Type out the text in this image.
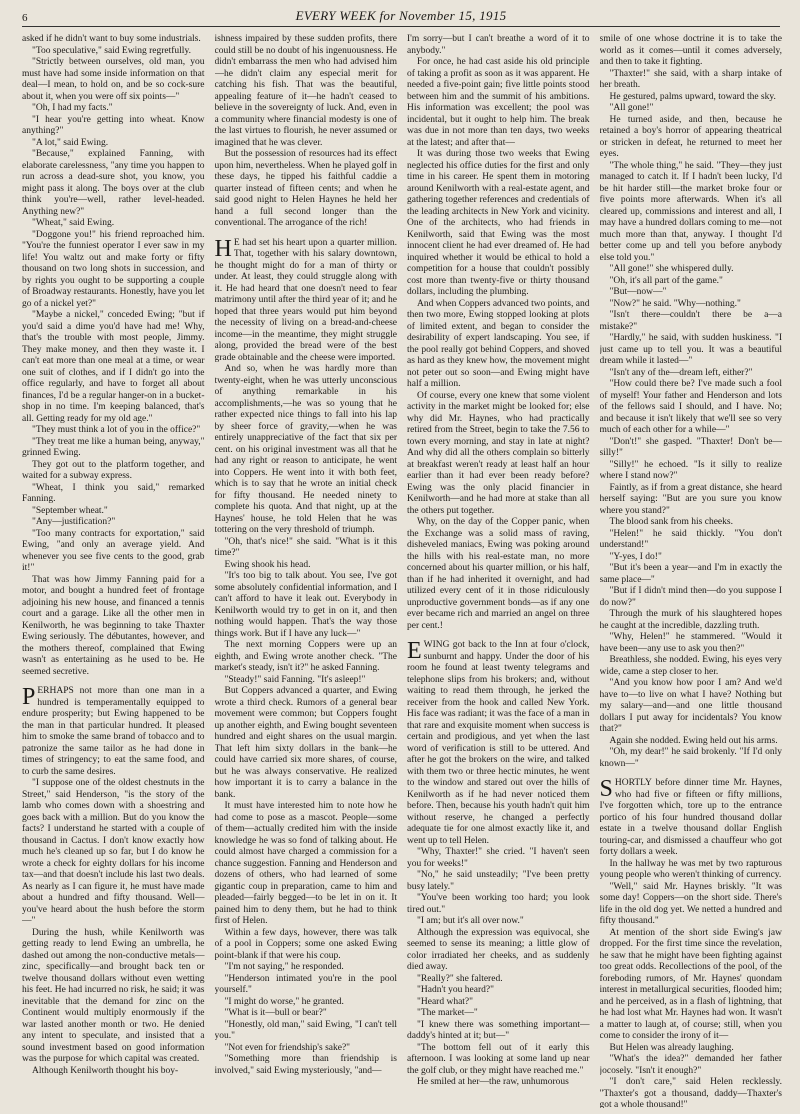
6	EVERY WEEK for November 15, 1915

asked if he didn't want to buy some industrials.

"Too speculative," said Ewing regretfully.

"Strictly between ourselves, old man, you must have had some inside information on that deal—I mean, to hold on, and be so cock-sure about it, when you were off six points—"

"Oh, I had my facts."

"I hear you're getting into wheat. Know anything?"

"A lot," said Ewing.

"Because," explained Fanning, with elaborate carelessness, "any time you happen to run across a dead-sure shot, you know, you might pass it along. The boys over at the club think you're—well, rather level-headed. Anything new?"

"Wheat," said Ewing.

"Doggone you!" his friend reproached him. "You're the funniest operator I ever saw in my life! You waltz out and make forty or fifty thousand on two long shots in succession, and by rights you ought to be supporting a couple of Broadway restaurants. Honestly, have you let go of a nickel yet?"

"Maybe a nickel," conceded Ewing; "but if you'd said a dime you'd have had me! Why, that's the trouble with most people, Jimmy. They make money, and then they waste it. I can't eat more than one meal at a time, or wear one suit of clothes, and if I didn't go into the office regularly, and have to forget all about finances, I'd be a regular hanger-on in a bucket-shop in no time. I'm keeping balanced, that's all. Getting ready for my old age."

"They must think a lot of you in the office?"

"They treat me like a human being, anyway," grinned Ewing.

They got out to the platform together, and waited for a subway express.

"Wheat, I think you said," remarked Fanning.

"September wheat."

"Any—justification?"

"Too many contracts for exportation," said Ewing, "and only an average yield. And whenever you see five cents to the good, grab it!"

That was how Jimmy Fanning paid for a motor, and bought a hundred feet of frontage adjoining his new house, and financed a tennis court and a garage. Like all the other men in Kenilworth, he was beginning to take Thaxter Ewing seriously. The débutantes, however, and the mothers thereof, complained that Ewing wasn't as entertaining as he used to be. He seemed secretive.

PERHAPS not more than one man in a hundred is temperamentally equipped to endure prosperity; but Ewing happened to be the man in that particular hundred. It pleased him to smoke the same brand of tobacco and to patronize the same tailor as he had done in times of stringency; to eat the same food, and to curb the same desires.

"I suppose one of the oldest chestnuts in the Street," said Henderson, "is the story of the lamb who comes down with a shoestring and goes back with a million. But do you know the facts? I understand he started with a couple of thousand in Cactus. I don't know exactly how much he's cleaned up so far, but I do know he wrote a check for eighty dollars for his income tax—and that doesn't include his last two deals. As nearly as I can figure it, he must have made about a hundred and fifty thousand. Well—you've heard about the hush before the storm—"

During the hush, while Kenilworth was getting ready to lend Ewing an umbrella, he dashed out among the non-conductive metals—zinc, specifically—and brought back ten or twelve thousand dollars without even wetting his feet. He had incurred no risk, he said; it was inevitable that the demand for zinc on the Continent would multiply enormously if the war lasted another month or two. He denied any intent to speculate, and insisted that a sound investment based on good information was the purpose for which capital was created.

Although Kenilworth thought his boy-

ishness impaired by these sudden profits, there could still be no doubt of his ingenuousness. He didn't embarrass the men who had advised him—he didn't claim any especial merit for catching his fish. That was the beautiful, appealing feature of it—he hadn't ceased to believe in the sovereignty of luck. And, even in a community where financial modesty is one of the last virtues to flourish, he never assumed or imagined that he was clever.

But the possession of resources had its effect upon him, nevertheless. When he played golf in these days, he tipped his faithful caddie a quarter instead of fifteen cents; and when he said good night to Helen Haynes he held her hand a full second longer than the conventional. The arrogance of the rich!

H E had set his heart upon a quarter million. That, together with his salary downtown, he thought might do for a man of thirty or under. At least, they could struggle along with it. He had heard that one doesn't need to fear matrimony until after the third year of it; and he hoped that three years would put him beyond the necessity of living on a bread-and-cheese income—in the meantime, they might struggle along, provided the bread were of the best grade obtainable and the cheese were imported.

And so, when he was hardly more than twenty-eight, when he was utterly unconscious of anything remarkable in his accomplishments,—he was so young that he rather expected nice things to fall into his lap by sheer force of gravity,—when he was entirely unappreciative of the fact that six per cent. on his original investment was all that he had any right or reason to anticipate, he went into Coppers. He went into it with both feet, which is to say that he wrote an initial check for fifty thousand. He needed ninety to complete his quota. And that night, up at the Haynes' house, he told Helen that he was tottering on the very threshold of triumph.

"Oh, that's nice!" she said. "What is it this time?"

Ewing shook his head.

"It's too big to talk about. You see, I've got some absolutely confidential information, and I can't afford to have it leak out. Everybody in Kenilworth would try to get in on it, and then nothing would happen. That's the way those things work. But if I have any luck—"

The next morning Coppers were up an eighth, and Ewing wrote another check. "The market's steady, isn't it?" he asked Fanning.

"Steady!" said Fanning. "It's asleep!"

But Coppers advanced a quarter, and Ewing wrote a third check. Rumors of a general bear movement were common; but Coppers fought up another eighth, and Ewing bought seventeen hundred and eight shares on the usual margin. That left him sixty dollars in the bank—he could have carried six more shares, of course, but he was always conservative. He realized how important it is to carry a balance in the bank.

It must have interested him to note how he had come to pose as a mascot. People—some of them—actually credited him with the inside knowledge he was so fond of talking about. He could almost have charged a commission for a chance suggestion. Fanning and Henderson and dozens of others, who had learned of some gigantic coup in preparation, came to him and pleaded—fairly begged—to be let in on it. It pained him to deny them, but he had to think first of Helen.

Within a few days, however, there was talk of a pool in Coppers; some one asked Ewing point-blank if that were his coup.

"I'm not saying," he responded.

"Henderson intimated you're in the pool yourself."

"I might do worse," he granted.

"What is it—bull or bear?"

"Honestly, old man," said Ewing, "I can't tell you."

"Not even for friendship's sake?"

"Something more than friendship is involved," said Ewing mysteriously, "and—

I'm sorry—but I can't breathe a word of it to anybody."

For once, he had cast aside his old principle of taking a profit as soon as it was apparent. He needed a five-point gain; five little points stood between him and the summit of his ambitions. His information was excellent; the pool was incidental, but it ought to help him. The break was due in not more than ten days, two weeks at the latest; and after that—

It was during those two weeks that Ewing neglected his office duties for the first and only time in his career. He spent them in motoring around Kenilworth with a real-estate agent, and gathering together references and credentials of the leading architects in New York and vicinity. One of the architects, who had friends in Kenilworth, said that Ewing was the most innocent client he had ever dreamed of. He had inquired whether it would be ethical to hold a competition for a house that couldn't possibly cost more than twenty-five or thirty thousand dollars, including the plumbing.

And when Coppers advanced two points, and then two more, Ewing stopped looking at plots of limited extent, and began to consider the desirability of expert landscaping. You see, if the pool really got behind Coppers, and shoved as hard as they knew how, the movement might not peter out so soon—and Ewing might have half a million.

Of course, every one knew that some violent activity in the market might be looked for; else why did Mr. Haynes, who had practically retired from the Street, begin to take the 7.56 to town every morning, and stay in late at night? And why did all the others complain so bitterly at breakfast weren't ready at least half an hour earlier than it had ever been ready before? Ewing was the only placid financier in Kenilworth—and he had more at stake than all the others put together.

Why, on the day of the Copper panic, when the Exchange was a solid mass of raving, disheveled maniacs, Ewing was poking around the hills with his real-estate man, no more concerned about his quarter million, or his half, than if he had inherited it overnight, and had utilized every cent of it in those ridiculously unproductive government bonds—as if any one ever became rich and married an angel on three per cent.!

EWING got back to the Inn at four o'clock, sunburnt and happy. Under the door of his room he found at least twenty telegrams and telephone slips from his brokers; and, without waiting to read them through, he jerked the receiver from the hook and called New York. His face was radiant; it was the face of a man in that rare and exquisite moment when success is certain and prodigious, and yet when the last word of verification is still to be uttered. And after he got the brokers on the wire, and talked with them two or three hectic minutes, he went to the window and stared out over the hills of Kenilworth as if he had never noticed them before. Then, because his youth hadn't quit him without reserve, he changed a perfectly adequate tie for one almost exactly like it, and went up to tell Helen.

"Why, Thaxter!" she cried. "I haven't seen you for weeks!"

"No," he said unsteadily; "I've been pretty busy lately."

"You've been working too hard; you look tired out."

"I am; but it's all over now."

Although the expression was equivocal, she seemed to sense its meaning; a little glow of color irradiated her cheeks, and as suddenly died away.

"Really?" she faltered.

"Hadn't you heard?"

"Heard what?"

"The market—"

"I knew there was something important—daddy's hinted at it; but—"

"The bottom fell out of it early this afternoon. I was looking at some land up near the golf club, or they might have reached me."

He smiled at her—the raw, unhumorous

smile of one whose doctrine it is to take the world as it comes—until it comes adversely, and then to take it fighting.

"Thaxter!" she said, with a sharp intake of her breath.

He gestured, palms upward, toward the sky.

"All gone!"

He turned aside, and then, because he retained a boy's horror of appearing theatrical or stricken in defeat, he returned to meet her eyes.

"The whole thing," he said. "They—they just managed to catch it. If I hadn't been lucky, I'd be hit harder still—the market broke four or five points more afterwards. When it's all cleared up, commissions and interest and all, I may have a hundred dollars coming to me—not much more than that, anyway. I thought I'd better come up and tell you before anybody else told you."

"All gone!" she whispered dully.

"Oh, it's all part of the game."

"But—now—"

"Now?" he said. "Why—nothing."

"Isn't there—couldn't there be a—a mistake?"

"Hardly," he said, with sudden huskiness. "I just came up to tell you. It was a beautiful dream while it lasted—"

"Isn't any of the—dream left, either?"

"How could there be? I've made such a fool of myself! Your father and Henderson and lots of the fellows said I should, and I have. No; and because it isn't likely that we'll see so very much of each other for a while—"

"Don't!" she gasped. "Thaxter! Don't be—silly!"

"Silly!" he echoed. "Is it silly to realize where I stand now?"

Faintly, as if from a great distance, she heard herself saying: "But are you sure you know where you stand?"

The blood sank from his cheeks.

"Helen!" he said thickly. "You don't understand!"

"Y-yes, I do!"

"But it's been a year—and I'm in exactly the same place—"

"But if I didn't mind then—do you suppose I do now?"

Through the murk of his slaughtered hopes he caught at the incredible, dazzling truth.

"Why, Helen!" he stammered. "Would it have been—any use to ask you then?"

Breathless, she nodded. Ewing, his eyes very wide, came a step closer to her.

"And you know how poor I am? And we'd have to—to live on what I have? Nothing but my salary—and—and one little thousand dollars I put away for incidentals? You know that?"

Again she nodded. Ewing held out his arms.

"Oh, my dear!" he said brokenly. "If I'd only known—"

SHORTLY before dinner time Mr. Haynes, who had five or fifteen or fifty millions, I've forgotten which, tore up to the entrance portico of his four hundred thousand dollar estate in a twelve thousand dollar English touring-car, and dismissed a chauffeur who got forty dollars a week.

In the hallway he was met by two rapturous young people who weren't thinking of currency.

"Well," said Mr. Haynes briskly. "It was some day! Coppers—on the short side. There's life in the old dog yet. We netted a hundred and fifty thousand."

At mention of the short side Ewing's jaw dropped. For the first time since the revelation, he saw that he might have been fighting against too great odds. Recollections of the pool, of the foreboding rumors, of Mr. Haynes' quondam interest in metallurgical securities, flooded him; and he perceived, as in a flash of lightning, that he had lost what Mr. Haynes had won. It wasn't a matter to laugh at, of course; still, when you come to consider the irony of it—

But Helen was already laughing.

"What's the idea?" demanded her father jocosely. "Isn't it enough?"

"I don't care," said Helen recklessly. "Thaxter's got a thousand, daddy—Thaxter's got a whole thousand!"
